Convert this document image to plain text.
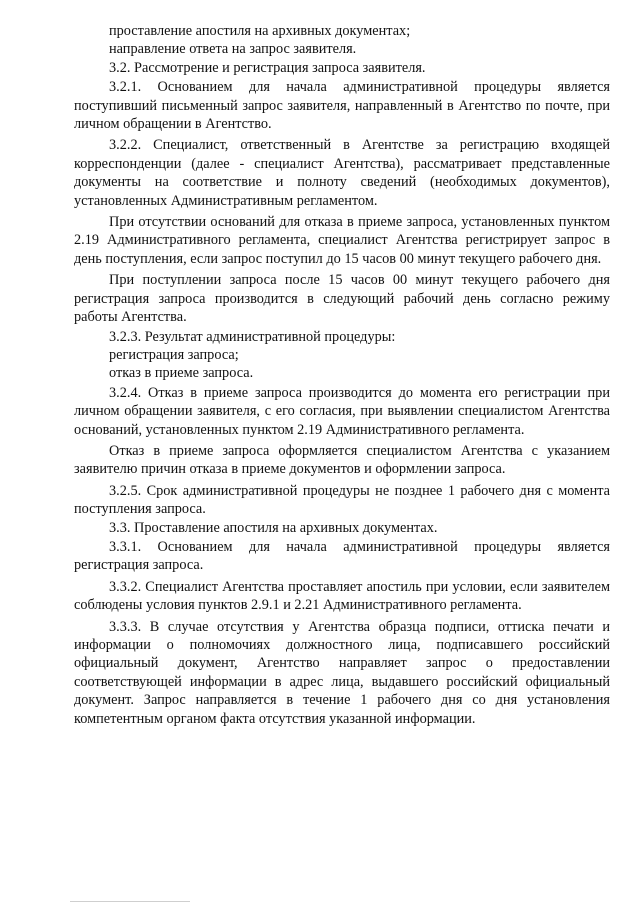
проставление апостиля на архивных документах;

направление ответа на запрос заявителя.

3.2. Рассмотрение и регистрация запроса заявителя.

3.2.1. Основанием для начала административной процедуры является поступивший письменный запрос заявителя, направленный в Агентство по почте, при личном обращении в Агентство.

3.2.2. Специалист, ответственный в Агентстве за регистрацию входящей корреспонденции (далее - специалист Агентства), рассматривает представленные документы на соответствие и полноту сведений (необходимых документов), установленных Административным регламентом.

При отсутствии оснований для отказа в приеме запроса, установленных пунктом 2.19 Административного регламента, специалист Агентства регистрирует запрос в день поступления, если запрос поступил до 15 часов 00 минут текущего рабочего дня.

При поступлении запроса после 15 часов 00 минут текущего рабочего дня регистрация запроса производится в следующий рабочий день согласно режиму работы Агентства.

3.2.3. Результат административной процедуры:

регистрация запроса;

отказ в приеме запроса.

3.2.4. Отказ в приеме запроса производится до момента его регистрации при личном обращении заявителя, с его согласия, при выявлении специалистом Агентства оснований, установленных пунктом 2.19 Административного регламента.

Отказ в приеме запроса оформляется специалистом Агентства с указанием заявителю причин отказа в приеме документов и оформлении запроса.

3.2.5. Срок административной процедуры не позднее 1 рабочего дня с момента поступления запроса.

3.3. Проставление апостиля на архивных документах.

3.3.1. Основанием для начала административной процедуры является регистрация запроса.

3.3.2. Специалист Агентства проставляет апостиль при условии, если заявителем соблюдены условия пунктов 2.9.1 и 2.21 Административного регламента.

3.3.3. В случае отсутствия у Агентства образца подписи, оттиска печати и информации о полномочиях должностного лица, подписавшего российский официальный документ, Агентство направляет запрос о предоставлении соответствующей информации в адрес лица, выдавшего российский официальный документ. Запрос направляется в течение 1 рабочего дня со дня установления компетентным органом факта отсутствия указанной информации.
